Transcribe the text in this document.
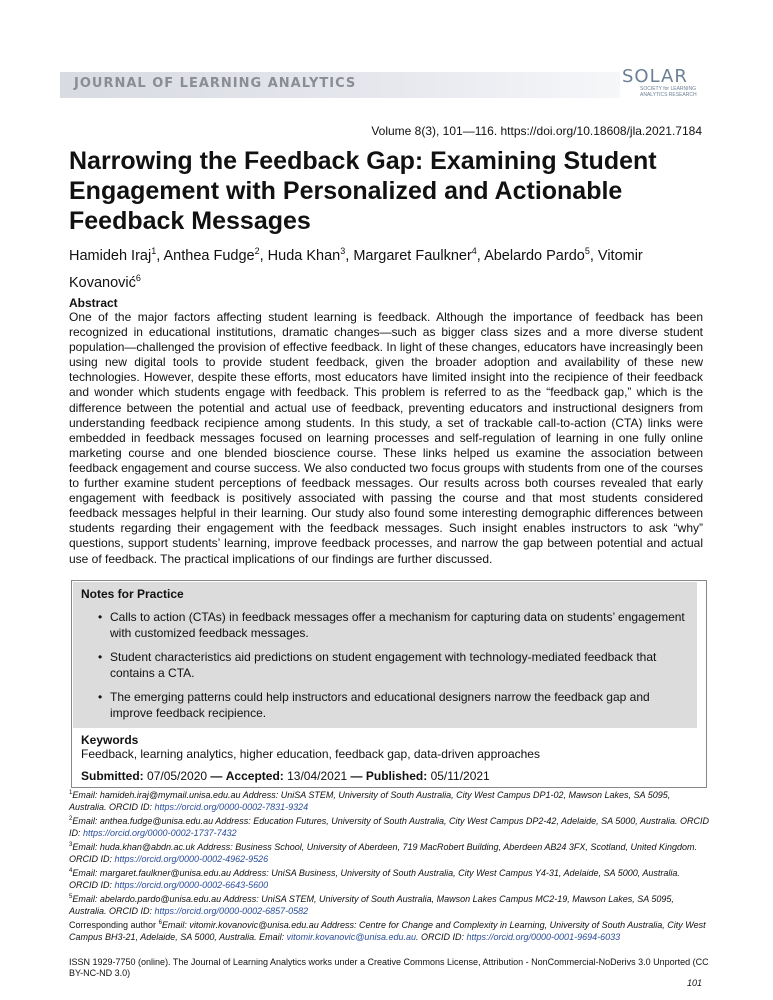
JOURNAL OF LEARNING ANALYTICS	SOLAR
SOCIETY for LEARNING ANALYTICS RESEARCH
Volume 8(3), 101—116. https://doi.org/10.18608/jla.2021.7184
Narrowing the Feedback Gap: Examining Student Engagement with Personalized and Actionable Feedback Messages
Hamideh Iraj$^1$, Anthea Fudge$^2$, Huda Khan$^3$, Margaret Faulkner$^4$, Abelardo Pardo$^5$, Vitomir Kovanović$^6$
Abstract
One of the major factors affecting student learning is feedback. Although the importance of feedback has been recognized in educational institutions, dramatic changes—such as bigger class sizes and a more diverse student population—challenged the provision of effective feedback. In light of these changes, educators have increasingly been using new digital tools to provide student feedback, given the broader adoption and availability of these new technologies. However, despite these efforts, most educators have limited insight into the recipience of their feedback and wonder which students engage with feedback. This problem is referred to as the “feedback gap,” which is the difference between the potential and actual use of feedback, preventing educators and instructional designers from understanding feedback recipience among students. In this study, a set of trackable call-to-action (CTA) links were embedded in feedback messages focused on learning processes and self-regulation of learning in one fully online marketing course and one blended bioscience course. These links helped us examine the association between feedback engagement and course success. We also conducted two focus groups with students from one of the courses to further examine student perceptions of feedback messages. Our results across both courses revealed that early engagement with feedback is positively associated with passing the course and that most students considered feedback messages helpful in their learning. Our study also found some interesting demographic differences between students regarding their engagement with the feedback messages. Such insight enables instructors to ask “why” questions, support students’ learning, improve feedback processes, and narrow the gap between potential and actual use of feedback. The practical implications of our findings are further discussed.
Notes for Practice
• Calls to action (CTAs) in feedback messages offer a mechanism for capturing data on students’ engagement with customized feedback messages.
• Student characteristics aid predictions on student engagement with technology-mediated feedback that contains a CTA.
• The emerging patterns could help instructors and educational designers narrow the feedback gap and improve feedback recipience.
Keywords
Feedback, learning analytics, higher education, feedback gap, data-driven approaches
Submitted: 07/05/2020 — Accepted: 13/04/2021 — Published: 05/11/2021

$^1$Email: hamideh.iraj@mymail.unisa.edu.au Address: UniSA STEM, University of South Australia, City West Campus DP1-02, Mawson Lakes, SA 5095, Australia. ORCID ID: https://orcid.org/0000-0002-7831-9324

$^2$Email: anthea.fudge@unisa.edu.au Address: Education Futures, University of South Australia, City West Campus DP2-42, Adelaide, SA 5000, Australia. ORCID ID: https://orcid.org/0000-0002-1737-7432

$^3$Email: huda.khan@abdn.ac.uk Address: Business School, University of Aberdeen, 719 MacRobert Building, Aberdeen AB24 3FX, Scotland, United Kingdom. ORCID ID: https://orcid.org/0000-0002-4962-9526

$^4$Email: margaret.faulkner@unisa.edu.au Address: UniSA Business, University of South Australia, City West Campus Y4-31, Adelaide, SA 5000, Australia. ORCID ID: https://orcid.org/0000-0002-6643-5600

$^5$Email: abelardo.pardo@unisa.edu.au Address: UniSA STEM, University of South Australia, Mawson Lakes Campus MC2-19, Mawson Lakes, SA 5095, Australia. ORCID ID: https://orcid.org/0000-0002-6857-0582

Corresponding author $^6$Email: vitomir.kovanovic@unisa.edu.au Address: Centre for Change and Complexity in Learning, University of South Australia, City West Campus BH3-21, Adelaide, SA 5000, Australia. Email: vitomir.kovanovic@unisa.edu.au. ORCID ID: https://orcid.org/0000-0001-9694-6033

ISSN 1929-7750 (online). The Journal of Learning Analytics works under a Creative Commons License, Attribution - NonCommercial-NoDerivs 3.0 Unported (CC BY-NC-ND 3.0)
101
